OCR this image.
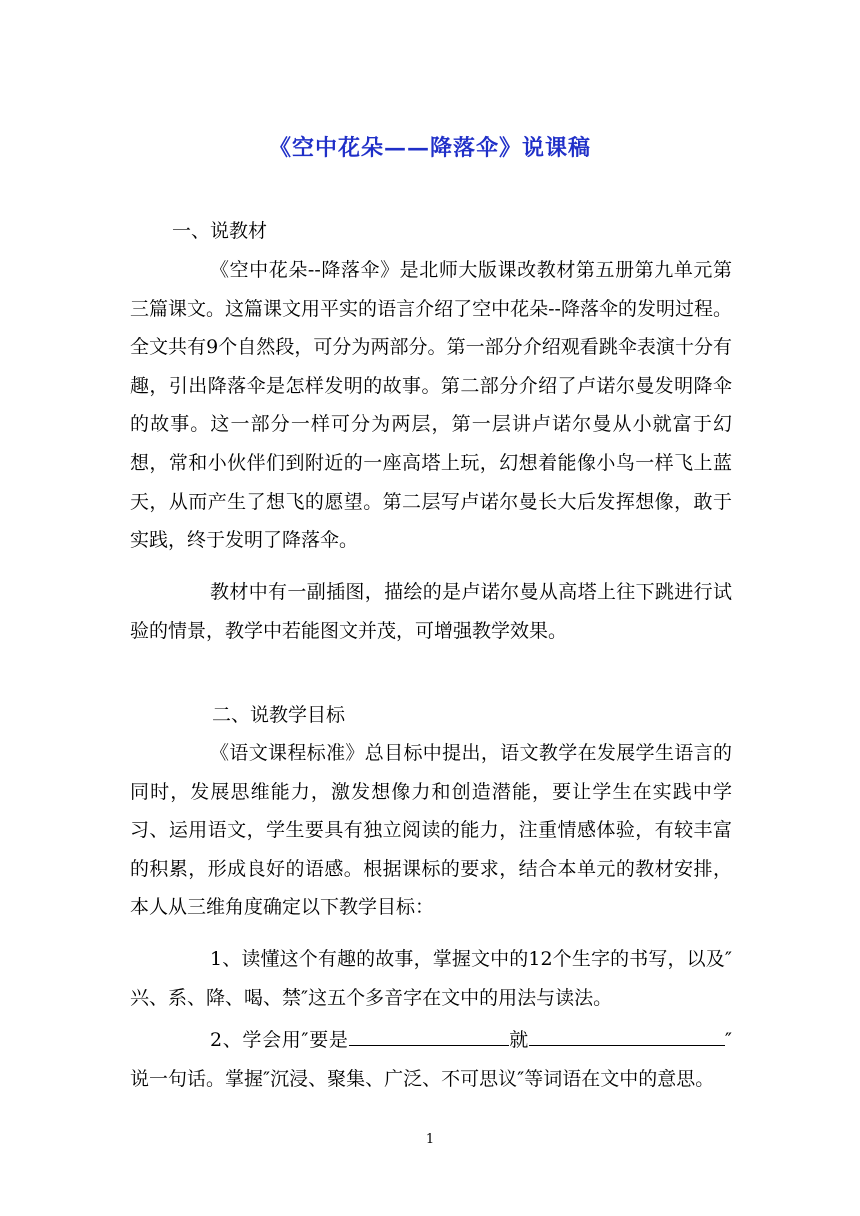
《空中花朵——降落伞》说课稿
一、说教材
《空中花朵--降落伞》是北师大版课改教材第五册第九单元第三篇课文。这篇课文用平实的语言介绍了空中花朵--降落伞的发明过程。全文共有9个自然段，可分为两部分。第一部分介绍观看跳伞表演十分有趣，引出降落伞是怎样发明的故事。第二部分介绍了卢诺尔曼发明降伞的故事。这一部分一样可分为两层，第一层讲卢诺尔曼从小就富于幻想，常和小伙伴们到附近的一座高塔上玩，幻想着能像小鸟一样飞上蓝天，从而产生了想飞的愿望。第二层写卢诺尔曼长大后发挥想像，敢于实践，终于发明了降落伞。
教材中有一副插图，描绘的是卢诺尔曼从高塔上往下跳进行试验的情景，教学中若能图文并茂，可增强教学效果。
二、说教学目标
《语文课程标准》总目标中提出，语文教学在发展学生语言的同时，发展思维能力，激发想像力和创造潜能，要让学生在实践中学习、运用语文，学生要具有独立阅读的能力，注重情感体验，有较丰富的积累，形成良好的语感。根据课标的要求，结合本单元的教材安排，本人从三维角度确定以下教学目标：
1、读懂这个有趣的故事，掌握文中的12个生字的书写，以及″兴、系、降、喝、禁″这五个多音字在文中的用法与读法。
2、学会用″要是	就	″说一句话。掌握″沉浸、聚集、广泛、不可思议″等词语在文中的意思。
1
